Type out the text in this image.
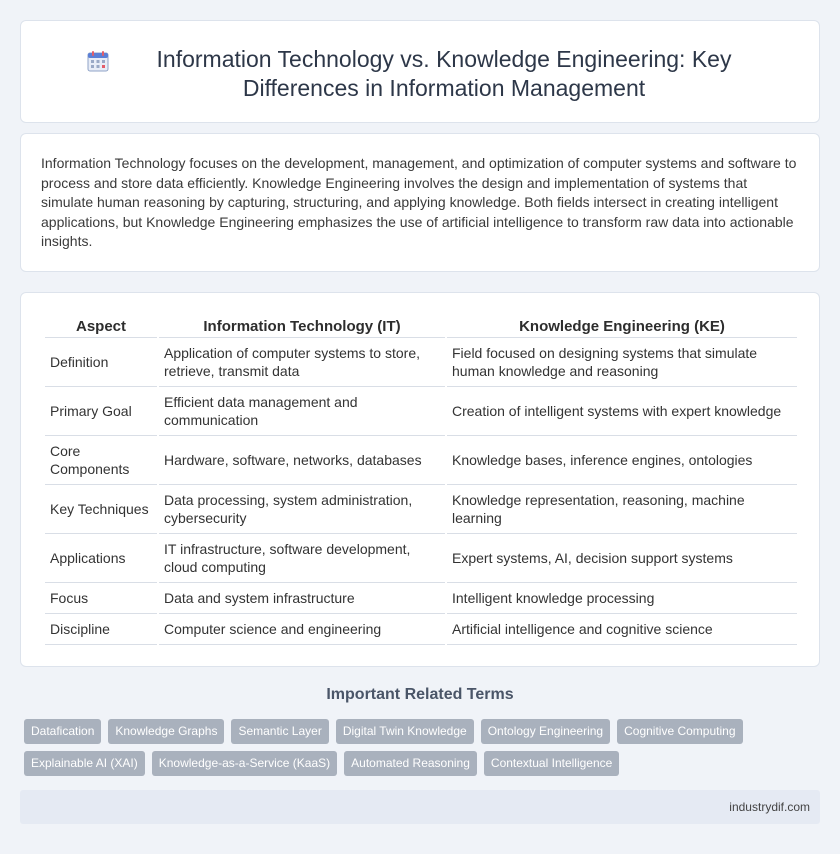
Information Technology vs. Knowledge Engineering: Key Differences in Information Management

Information Technology focuses on the development, management, and optimization of computer systems and software to process and store data efficiently. Knowledge Engineering involves the design and implementation of systems that simulate human reasoning by capturing, structuring, and applying knowledge. Both fields intersect in creating intelligent applications, but Knowledge Engineering emphasizes the use of artificial intelligence to transform raw data into actionable insights.

Aspect	Information Technology (IT)	Knowledge Engineering (KE)
Definition	Application of computer systems to store, retrieve, transmit data	Field focused on designing systems that simulate human knowledge and reasoning
Primary Goal	Efficient data management and communication	Creation of intelligent systems with expert knowledge
Core Components	Hardware, software, networks, databases	Knowledge bases, inference engines, ontologies
Key Techniques	Data processing, system administration, cybersecurity	Knowledge representation, reasoning, machine learning
Applications	IT infrastructure, software development, cloud computing	Expert systems, AI, decision support systems
Focus	Data and system infrastructure	Intelligent knowledge processing
Discipline	Computer science and engineering	Artificial intelligence and cognitive science
Important Related Terms
Datafication	Knowledge Graphs	Semantic Layer	Digital Twin Knowledge	Ontology Engineering	Cognitive Computing
Explainable AI (XAI)	Knowledge-as-a-Service (KaaS)	Automated Reasoning	Contextual Intelligence
industrydif.com
